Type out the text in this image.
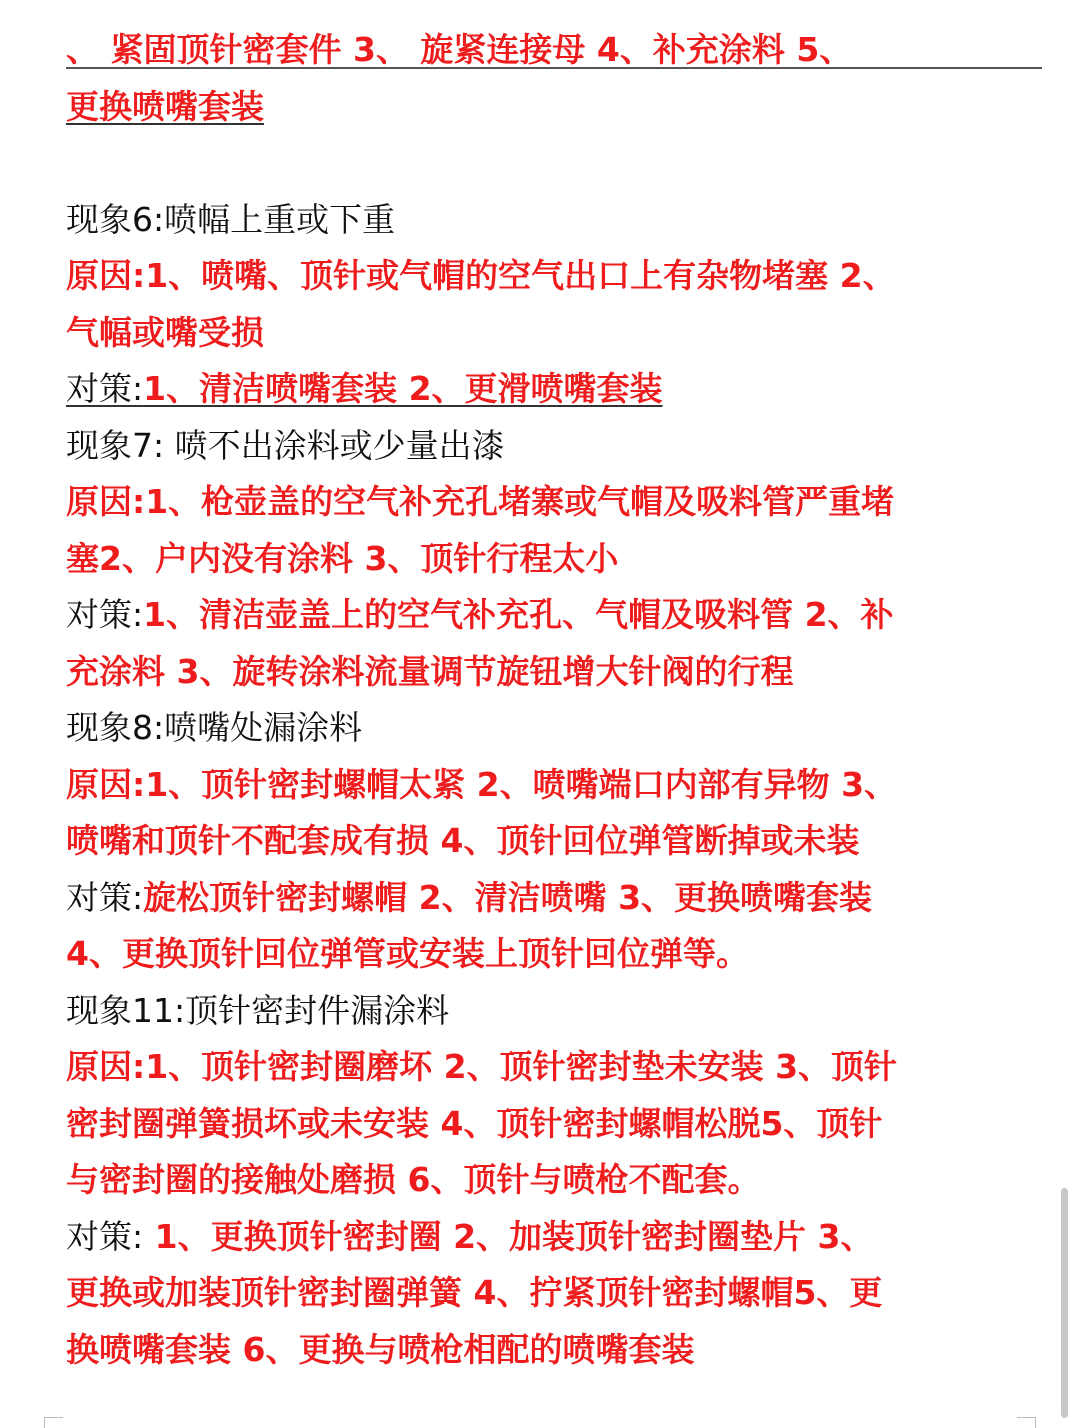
、 紧固顶针密套件 3、 旋紧连接母 4、补充涂料 5、
更换喷嘴套装
现象6:喷幅上重或下重
原因:1、喷嘴、顶针或气帽的空气出口上有杂物堵塞 2、
气幅或嘴受损
对策:1、清洁喷嘴套装 2、更滑喷嘴套装
现象7: 喷不出涂料或少量出漆
原因:1、枪壶盖的空气补充孔堵寨或气帽及吸料管严重堵
塞2、户内没有涂料 3、顶针行程太小
对策:1、清洁壶盖上的空气补充孔、气帽及吸料管 2、补
充涂料 3、旋转涂料流量调节旋钮增大针阀的行程
现象8:喷嘴处漏涂料
原因:1、顶针密封螺帽太紧 2、喷嘴端口内部有异物 3、
喷嘴和顶针不配套成有损 4、顶针回位弹管断掉或未装
对策:旋松顶针密封螺帽 2、清洁喷嘴 3、更换喷嘴套装
4、更换顶针回位弹管或安装上顶针回位弹等。
现象11:顶针密封件漏涂料
原因:1、顶针密封圈磨坏 2、顶针密封垫未安装 3、顶针
密封圈弹簧损坏或未安装 4、顶针密封螺帽松脱5、顶针
与密封圈的接触处磨损 6、顶针与喷枪不配套。
对策: 1、更换顶针密封圈 2、加装顶针密封圈垫片 3、
更换或加装顶针密封圈弹簧 4、拧紧顶针密封螺帽5、更
换喷嘴套装 6、更换与喷枪相配的喷嘴套装
